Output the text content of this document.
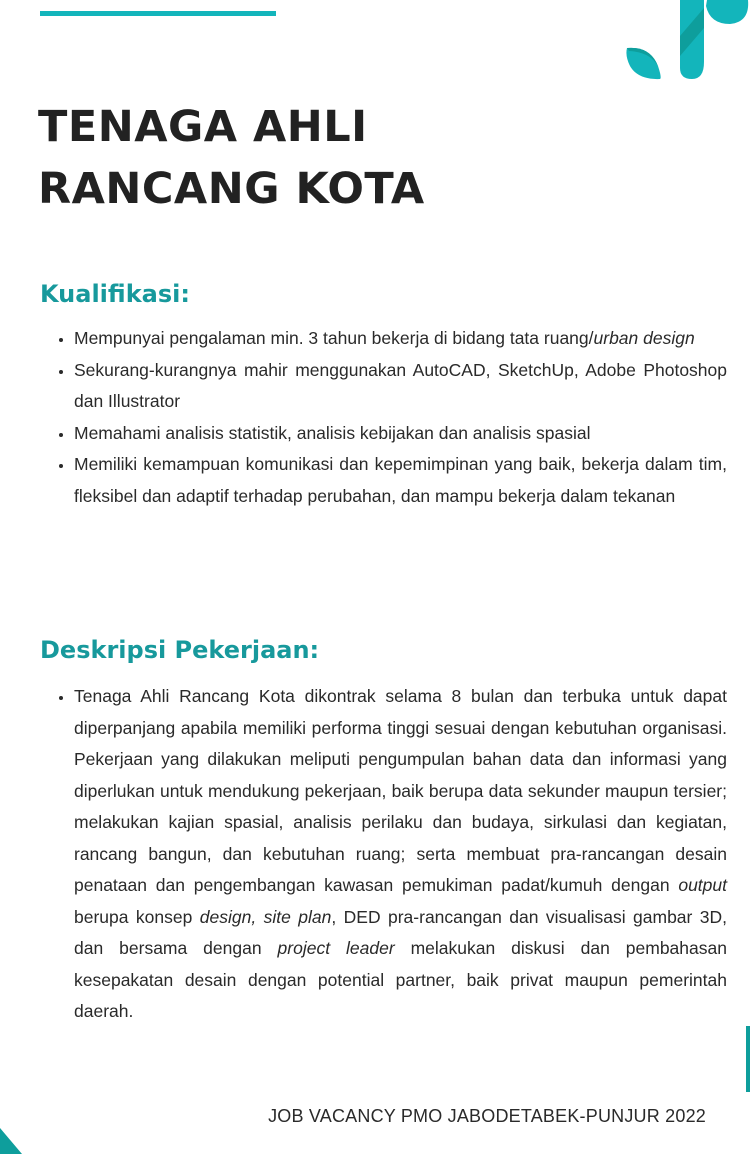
TENAGA AHLI
RANCANG KOTA
Kualifikasi:
• Mempunyai pengalaman min. 3 tahun bekerja di bidang tata ruang/urban design
• Sekurang-kurangnya mahir menggunakan AutoCAD, SketchUp, Adobe Photoshop dan Illustrator
• Memahami analisis statistik, analisis kebijakan dan analisis spasial
• Memiliki kemampuan komunikasi dan kepemimpinan yang baik, bekerja dalam tim, fleksibel dan adaptif terhadap perubahan, dan mampu bekerja dalam tekanan
Deskripsi Pekerjaan:
• Tenaga Ahli Rancang Kota dikontrak selama 8 bulan dan terbuka untuk dapat diperpanjang apabila memiliki performa tinggi sesuai dengan kebutuhan organisasi. Pekerjaan yang dilakukan meliputi pengumpulan bahan data dan informasi yang diperlukan untuk mendukung pekerjaan, baik berupa data sekunder maupun tersier; melakukan kajian spasial, analisis perilaku dan budaya, sirkulasi dan kegiatan, rancang bangun, dan kebutuhan ruang; serta membuat pra-rancangan desain penataan dan pengembangan kawasan pemukiman padat/kumuh dengan output berupa konsep design, site plan, DED pra-rancangan dan visualisasi gambar 3D, dan bersama dengan project leader melakukan diskusi dan pembahasan kesepakatan desain dengan potential partner, baik privat maupun pemerintah daerah.
JOB VACANCY PMO JABODETABEK-PUNJUR 2022
